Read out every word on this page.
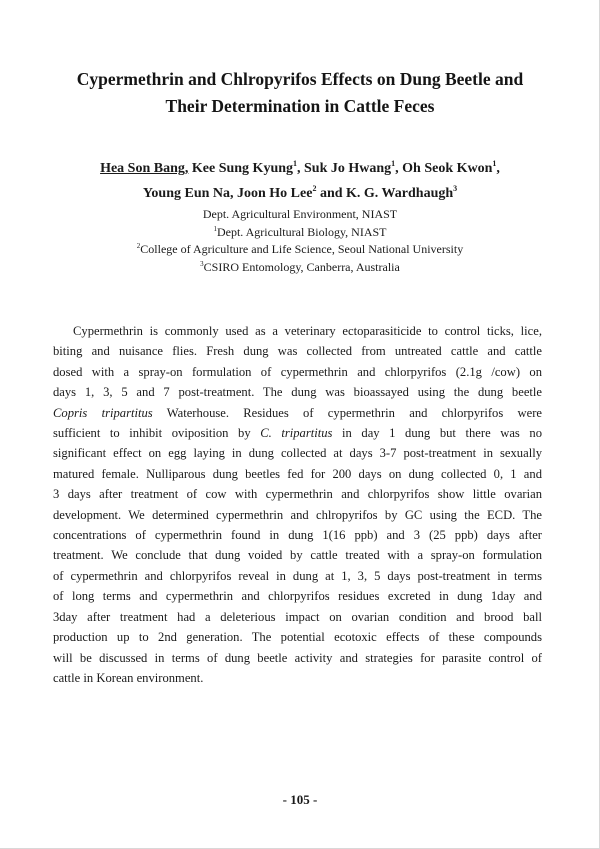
Cypermethrin and Chlropyrifos Effects on Dung Beetle and
Their Determination in Cattle Feces
Hea Son Bang, Kee Sung Kyung$^1$, Suk Jo Hwang$^1$, Oh Seok Kwon$^1$,
Young Eun Na, Joon Ho Lee$^2$ and K. G. Wardhaugh$^3$
Dept. Agricultural Environment, NIAST
$^1$Dept. Agricultural Biology, NIAST
$^2$College of Agriculture and Life Science, Seoul National University
$^3$CSIRO Entomology, Canberra, Australia
Cypermethrin is commonly used as a veterinary ectoparasiticide to control ticks, lice,
biting and nuisance flies. Fresh dung was collected from untreated cattle and cattle
dosed with a spray-on formulation of cypermethrin and chlorpyrifos (2.1g /cow) on
days 1, 3, 5 and 7 post-treatment. The dung was bioassayed using the dung beetle
Copris tripartitus Waterhouse. Residues of cypermethrin and chlorpyrifos were
sufficient to inhibit oviposition by C. tripartitus in day 1 dung but there was no
significant effect on egg laying in dung collected at days 3-7 post-treatment in sexually
matured female. Nulliparous dung beetles fed for 200 days on dung collected 0, 1 and
3 days after treatment of cow with cypermethrin and chlorpyrifos show little ovarian
development. We determined cypermethrin and chlropyrifos by GC using the ECD. The
concentrations of cypermethrin found in dung 1(16 ppb) and 3 (25 ppb) days after
treatment. We conclude that dung voided by cattle treated with a spray-on formulation
of cypermethrin and chlorpyrifos reveal in dung at 1, 3, 5 days post-treatment in terms
of long terms and cypermethrin and chlorpyrifos residues excreted in dung 1day and
3day after treatment had a deleterious impact on ovarian condition and brood ball
production up to 2nd generation. The potential ecotoxic effects of these compounds
will be discussed in terms of dung beetle activity and strategies for parasite control of
cattle in Korean environment.
- 105 -
